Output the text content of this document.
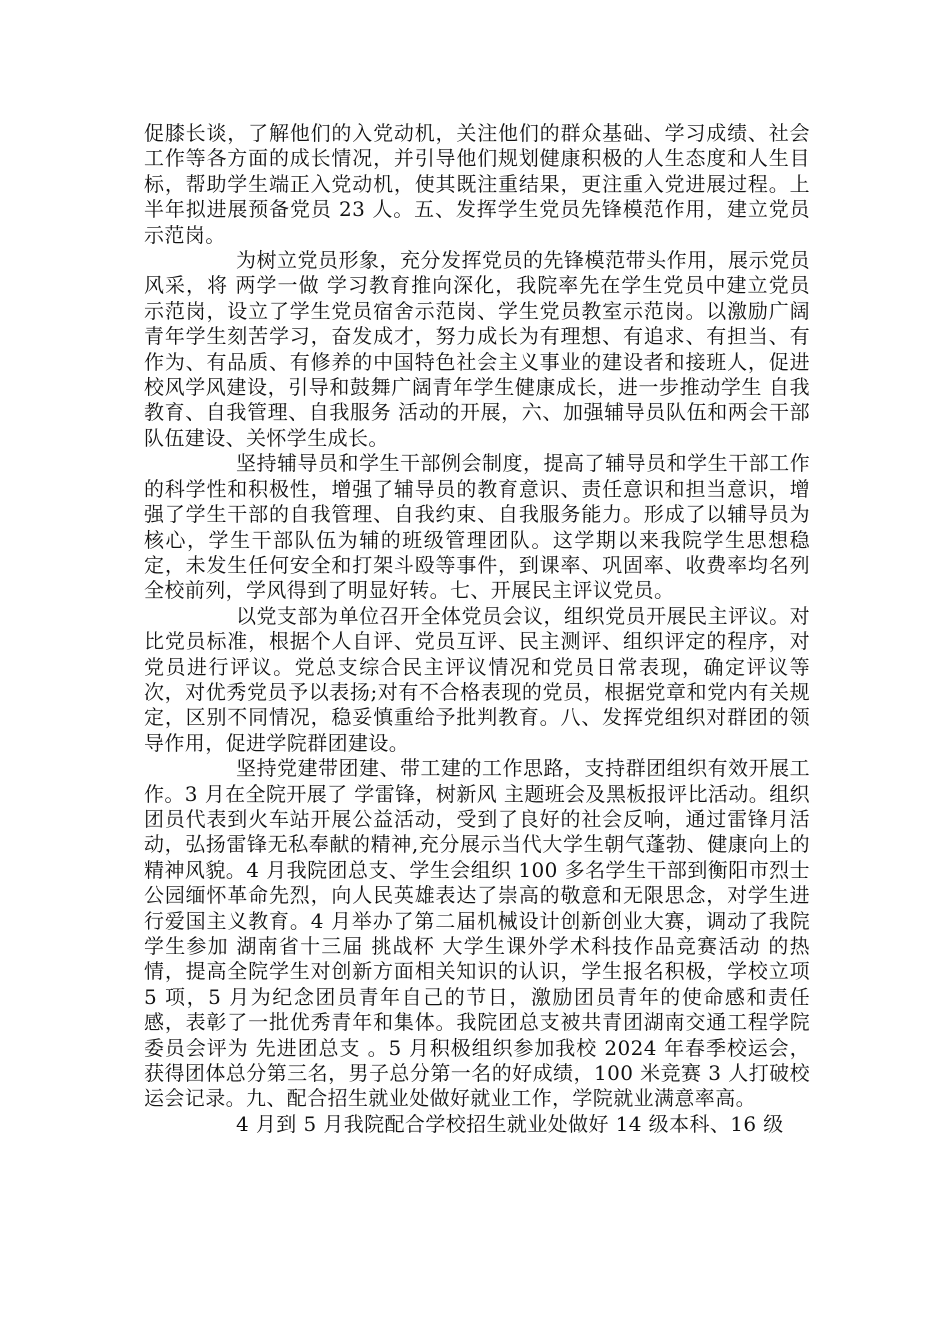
促膝长谈，了解他们的入党动机，关注他们的群众基础、学习成绩、社会工作等各方面的成长情况，并引导他们规划健康积极的人生态度和人生目标，帮助学生端正入党动机，使其既注重结果，更注重入党进展过程。上半年拟进展预备党员 23 人。五、发挥学生党员先锋模范作用，建立党员示范岗。

为树立党员形象，充分发挥党员的先锋模范带头作用，展示党员风采，将 两学一做 学习教育推向深化，我院率先在学生党员中建立党员示范岗，设立了学生党员宿舍示范岗、学生党员教室示范岗。以激励广阔青年学生刻苦学习，奋发成才，努力成长为有理想、有追求、有担当、有作为、有品质、有修养的中国特色社会主义事业的建设者和接班人，促进校风学风建设，引导和鼓舞广阔青年学生健康成长，进一步推动学生 自我教育、自我管理、自我服务 活动的开展，六、加强辅导员队伍和两会干部队伍建设、关怀学生成长。

坚持辅导员和学生干部例会制度，提高了辅导员和学生干部工作的科学性和积极性，增强了辅导员的教育意识、责任意识和担当意识，增强了学生干部的自我管理、自我约束、自我服务能力。形成了以辅导员为核心，学生干部队伍为辅的班级管理团队。这学期以来我院学生思想稳定，未发生任何安全和打架斗殴等事件，到课率、巩固率、收费率均名列全校前列，学风得到了明显好转。七、开展民主评议党员。

以党支部为单位召开全体党员会议，组织党员开展民主评议。对比党员标准，根据个人自评、党员互评、民主测评、组织评定的程序，对党员进行评议。党总支综合民主评议情况和党员日常表现，确定评议等次，对优秀党员予以表扬;对有不合格表现的党员，根据党章和党内有关规定，区别不同情况，稳妥慎重给予批判教育。八、发挥党组织对群团的领导作用，促进学院群团建设。

坚持党建带团建、带工建的工作思路，支持群团组织有效开展工作。3 月在全院开展了 学雷锋，树新风 主题班会及黑板报评比活动。组织团员代表到火车站开展公益活动，受到了良好的社会反响，通过雷锋月活动，弘扬雷锋无私奉献的精神,充分展示当代大学生朝气蓬勃、健康向上的精神风貌。4 月我院团总支、学生会组织 100 多名学生干部到衡阳市烈士公园缅怀革命先烈，向人民英雄表达了崇高的敬意和无限思念，对学生进行爱国主义教育。4 月举办了第二届机械设计创新创业大赛，调动了我院学生参加 湖南省十三届 挑战杯 大学生课外学术科技作品竞赛活动 的热情，提高全院学生对创新方面相关知识的认识，学生报名积极，学校立项 5 项，5 月为纪念团员青年自己的节日，激励团员青年的使命感和责任感，表彰了一批优秀青年和集体。我院团总支被共青团湖南交通工程学院委员会评为 先进团总支 。5 月积极组织参加我校 2024 年春季校运会，获得团体总分第三名，男子总分第一名的好成绩，100 米竞赛 3 人打破校运会记录。九、配合招生就业处做好就业工作，学院就业满意率高。

4 月到 5 月我院配合学校招生就业处做好 14 级本科、16 级
